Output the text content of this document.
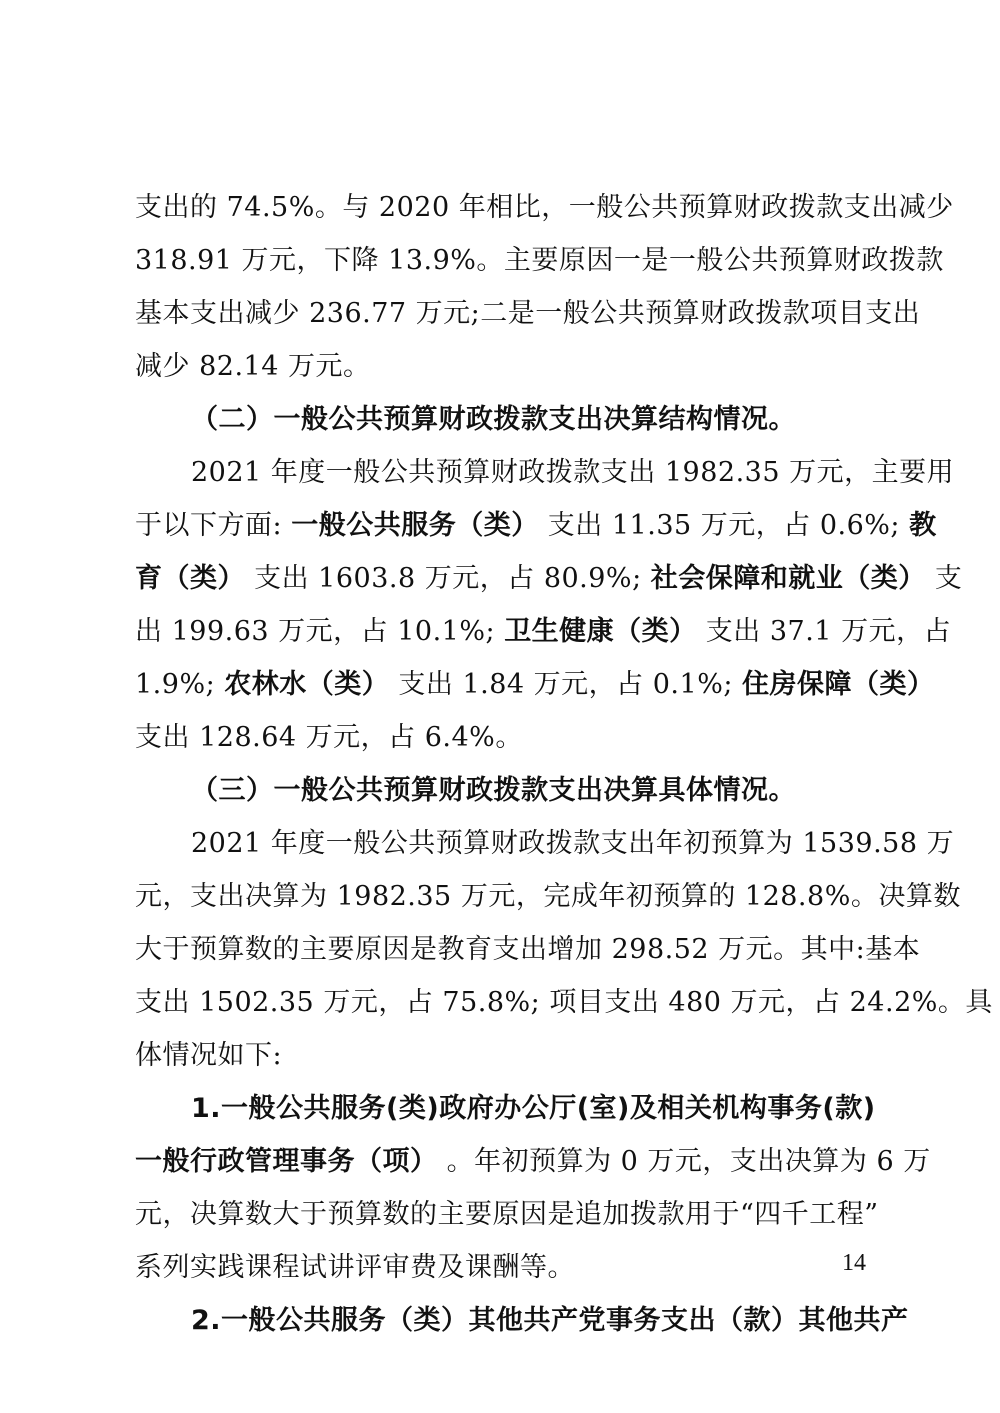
支出的 74.5%。与 2020 年相比，一般公共预算财政拨款支出减少
318.91 万元，下降 13.9%。主要原因一是一般公共预算财政拨款
基本支出减少 236.77 万元;二是一般公共预算财政拨款项目支出
减少 82.14 万元。
（二）一般公共预算财政拨款支出决算结构情况。
2021 年度一般公共预算财政拨款支出 1982.35 万元，主要用
于以下方面: 一般公共服务（类） 支出 11.35 万元，占 0.6%; 教
育（类） 支出 1603.8 万元，占 80.9%; 社会保障和就业（类） 支
出 199.63 万元，占 10.1%; 卫生健康（类） 支出 37.1 万元，占
1.9%; 农林水（类） 支出 1.84 万元，占 0.1%; 住房保障（类）
支出 128.64 万元，占 6.4%。
（三）一般公共预算财政拨款支出决算具体情况。
2021 年度一般公共预算财政拨款支出年初预算为 1539.58 万
元，支出决算为 1982.35 万元，完成年初预算的 128.8%。决算数
大于预算数的主要原因是教育支出增加 298.52 万元。其中:基本
支出 1502.35 万元，占 75.8%; 项目支出 480 万元，占 24.2%。具
体情况如下:
1.一般公共服务(类)政府办公厅(室)及相关机构事务(款)
一般行政管理事务（项） 。年初预算为 0 万元，支出决算为 6 万
元，决算数大于预算数的主要原因是追加拨款用于“四千工程”
系列实践课程试讲评审费及课酬等。
2.一般公共服务（类）其他共产党事务支出（款）其他共产
14
